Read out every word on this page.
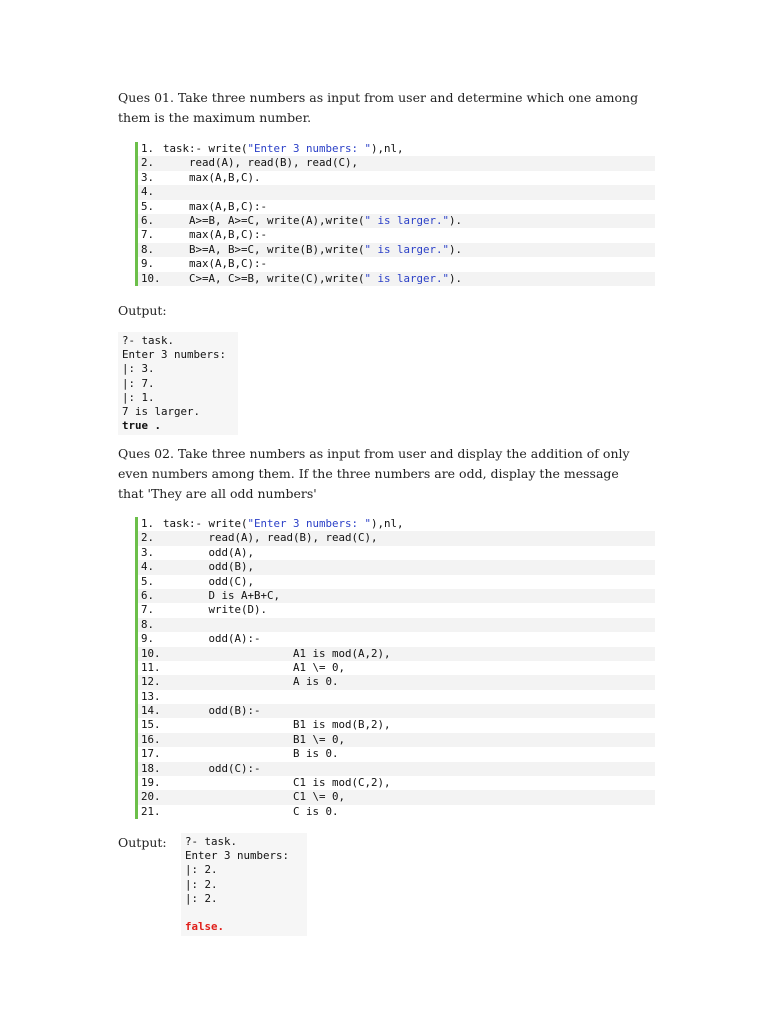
Ques 01. Take three numbers as input from user and determine which one among them is the maximum number.

1. task:- write("Enter 3 numbers: "),nl,
2.    read(A), read(B), read(C),
3.    max(A,B,C).
4.
5.    max(A,B,C):-
6.    A>=B, A>=C, write(A),write(" is larger.").
7.    max(A,B,C):-
8.    B>=A, B>=C, write(B),write(" is larger.").
9.    max(A,B,C):-
10.    C>=A, C>=B, write(C),write(" is larger.").
Output:
?- task.
Enter 3 numbers:
|: 3.
|: 7.
|: 1.
7 is larger.
true .

Ques 02. Take three numbers as input from user and display the addition of only even numbers among them. If the three numbers are odd, display the message that 'They are all odd numbers'

1. task:- write("Enter 3 numbers: "),nl,
2.       read(A), read(B), read(C),
3.       odd(A),
4.       odd(B),
5.       odd(C),
6.       D is A+B+C,
7.       write(D).
8.
9.       odd(A):-
10.                    A1 is mod(A,2),
11.                    A1 \= 0,
12.                    A is 0.
13.
14.       odd(B):-
15.                    B1 is mod(B,2),
16.                    B1 \= 0,
17.                    B is 0.
18.       odd(C):-
19.                    C1 is mod(C,2),
20.                    C1 \= 0,
21.                    C is 0.
Output: ?- task.
Enter 3 numbers:
|: 2.
|: 2.
|: 2.
false.
